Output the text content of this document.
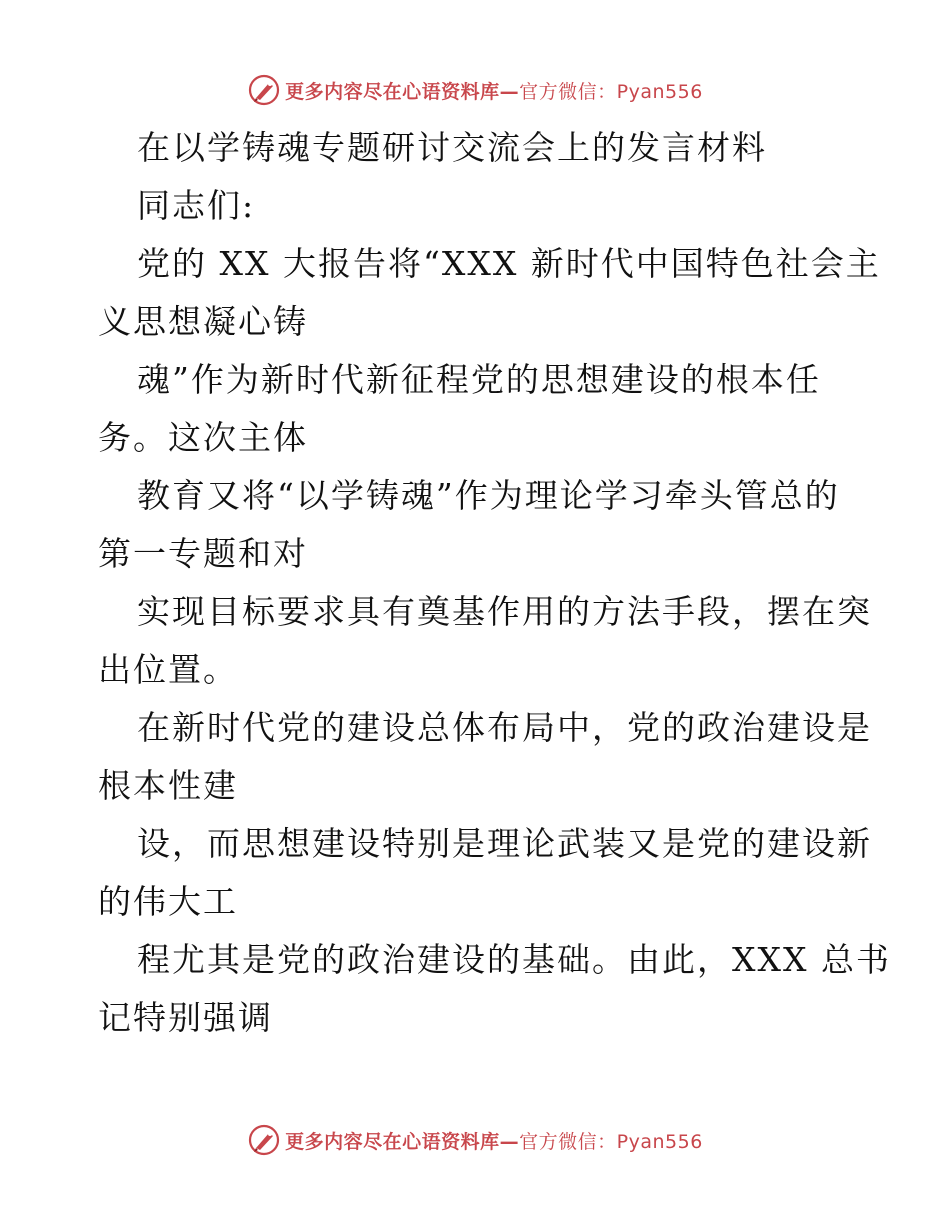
更多内容尽在心语资料库—官方微信：Pyan556
在以学铸魂专题研讨交流会上的发言材料
同志们:
党的 XX 大报告将“XXX 新时代中国特色社会主
义思想凝心铸
魂”作为新时代新征程党的思想建设的根本任
务。这次主体
教育又将“以学铸魂”作为理论学习牵头管总的
第一专题和对
实现目标要求具有奠基作用的方法手段，摆在突
出位置。
在新时代党的建设总体布局中，党的政治建设是
根本性建
设，而思想建设特别是理论武装又是党的建设新
的伟大工
程尤其是党的政治建设的基础。由此，XXX 总书
记特别强调
更多内容尽在心语资料库—官方微信：Pyan556
